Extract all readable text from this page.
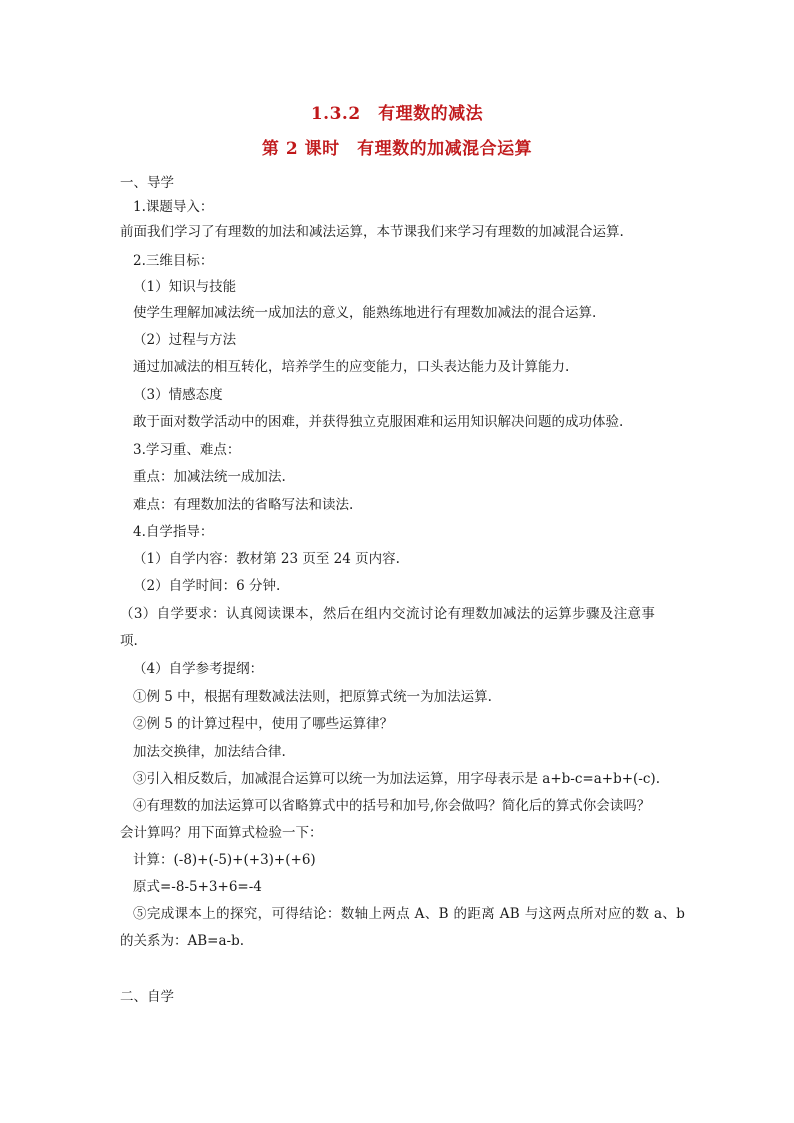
1.3.2　有理数的减法
第 2 课时　有理数的加减混合运算
一、导学
1.课题导入：
前面我们学习了有理数的加法和减法运算，本节课我们来学习有理数的加减混合运算.
2.三维目标：
（1）知识与技能
使学生理解加减法统一成加法的意义，能熟练地进行有理数加减法的混合运算.
（2）过程与方法
通过加减法的相互转化，培养学生的应变能力，口头表达能力及计算能力.
（3）情感态度
敢于面对数学活动中的困难，并获得独立克服困难和运用知识解决问题的成功体验.
3.学习重、难点：
重点：加减法统一成加法.
难点：有理数加法的省略写法和读法.
4.自学指导：
（1）自学内容：教材第 23 页至 24 页内容.
（2）自学时间：6 分钟.
（3）自学要求：认真阅读课本，然后在组内交流讨论有理数加减法的运算步骤及注意事
项.
（4）自学参考提纲：
①例 5 中，根据有理数减法法则，把原算式统一为加法运算.
②例 5 的计算过程中，使用了哪些运算律？
加法交换律，加法结合律.
③引入相反数后，加减混合运算可以统一为加法运算，用字母表示是 a+b-c=a+b+(-c).
④有理数的加法运算可以省略算式中的括号和加号,你会做吗？简化后的算式你会读吗？
会计算吗？用下面算式检验一下：
计算：(-8)+(-5)+(+3)+(+6)
原式=-8-5+3+6=-4
⑤完成课本上的探究，可得结论：数轴上两点 A、B 的距离 AB 与这两点所对应的数 a、b
的关系为：AB=a-b.
二、自学
